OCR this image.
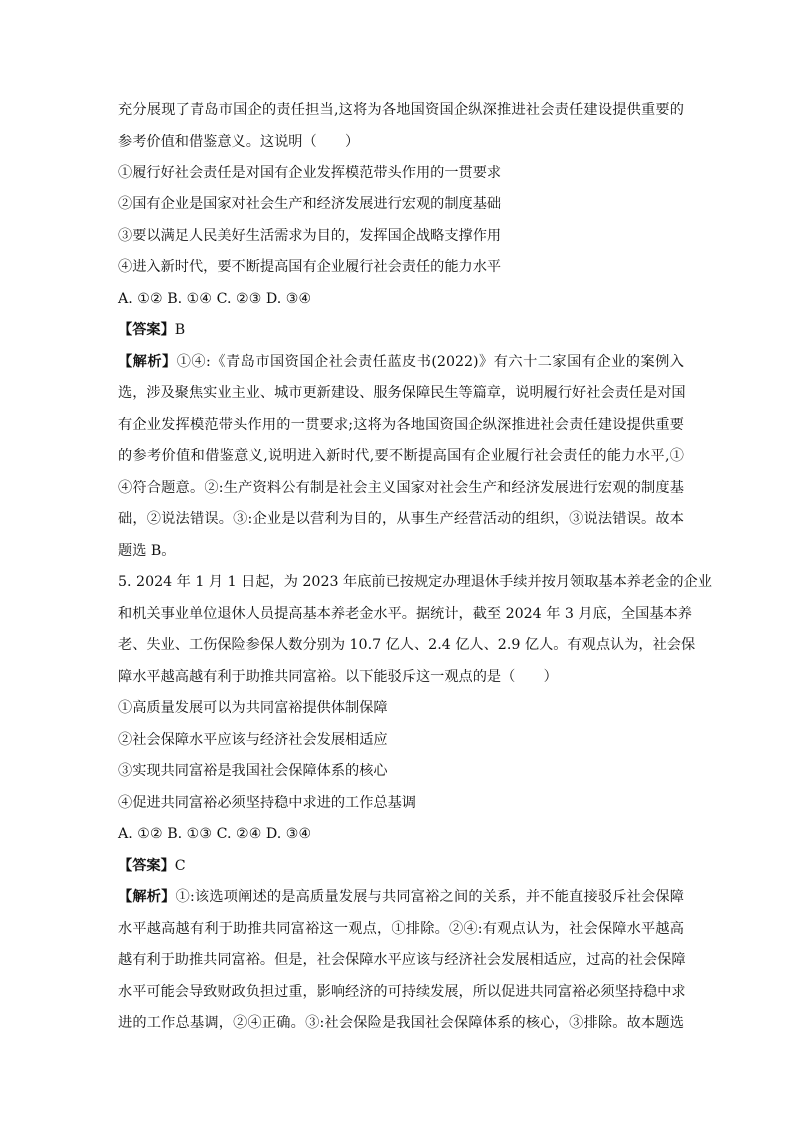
充分展现了青岛市国企的责任担当,这将为各地国资国企纵深推进社会责任建设提供重要的
参考价值和借鉴意义。这说明（　　）
①履行好社会责任是对国有企业发挥模范带头作用的一贯要求
②国有企业是国家对社会生产和经济发展进行宏观的制度基础
③要以满足人民美好生活需求为目的，发挥国企战略支撑作用
④进入新时代，要不断提高国有企业履行社会责任的能力水平
A. ①② B. ①④ C. ②③ D. ③④
【答案】B
【解析】①④:《青岛市国资国企社会责任蓝皮书(2022)》有六十二家国有企业的案例入
选，涉及聚焦实业主业、城市更新建设、服务保障民生等篇章，说明履行好社会责任是对国
有企业发挥模范带头作用的一贯要求;这将为各地国资国企纵深推进社会责任建设提供重要
的参考价值和借鉴意义,说明进入新时代,要不断提高国有企业履行社会责任的能力水平,①
④符合题意。②:生产资料公有制是社会主义国家对社会生产和经济发展进行宏观的制度基
础，②说法错误。③:企业是以营利为目的，从事生产经营活动的组织，③说法错误。故本
题选 B。
5. 2024 年 1 月 1 日起，为 2023 年底前已按规定办理退休手续并按月领取基本养老金的企业
和机关事业单位退休人员提高基本养老金水平。据统计，截至 2024 年 3 月底，全国基本养
老、失业、工伤保险参保人数分别为 10.7 亿人、2.4 亿人、2.9 亿人。有观点认为，社会保
障水平越高越有利于助推共同富裕。以下能驳斥这一观点的是（　　）
①高质量发展可以为共同富裕提供体制保障
②社会保障水平应该与经济社会发展相适应
③实现共同富裕是我国社会保障体系的核心
④促进共同富裕必须坚持稳中求进的工作总基调
A. ①② B. ①③ C. ②④ D. ③④
【答案】C
【解析】①:该选项阐述的是高质量发展与共同富裕之间的关系，并不能直接驳斥社会保障
水平越高越有利于助推共同富裕这一观点，①排除。②④:有观点认为，社会保障水平越高
越有利于助推共同富裕。但是，社会保障水平应该与经济社会发展相适应，过高的社会保障
水平可能会导致财政负担过重，影响经济的可持续发展，所以促进共同富裕必须坚持稳中求
进的工作总基调，②④正确。③:社会保险是我国社会保障体系的核心，③排除。故本题选
